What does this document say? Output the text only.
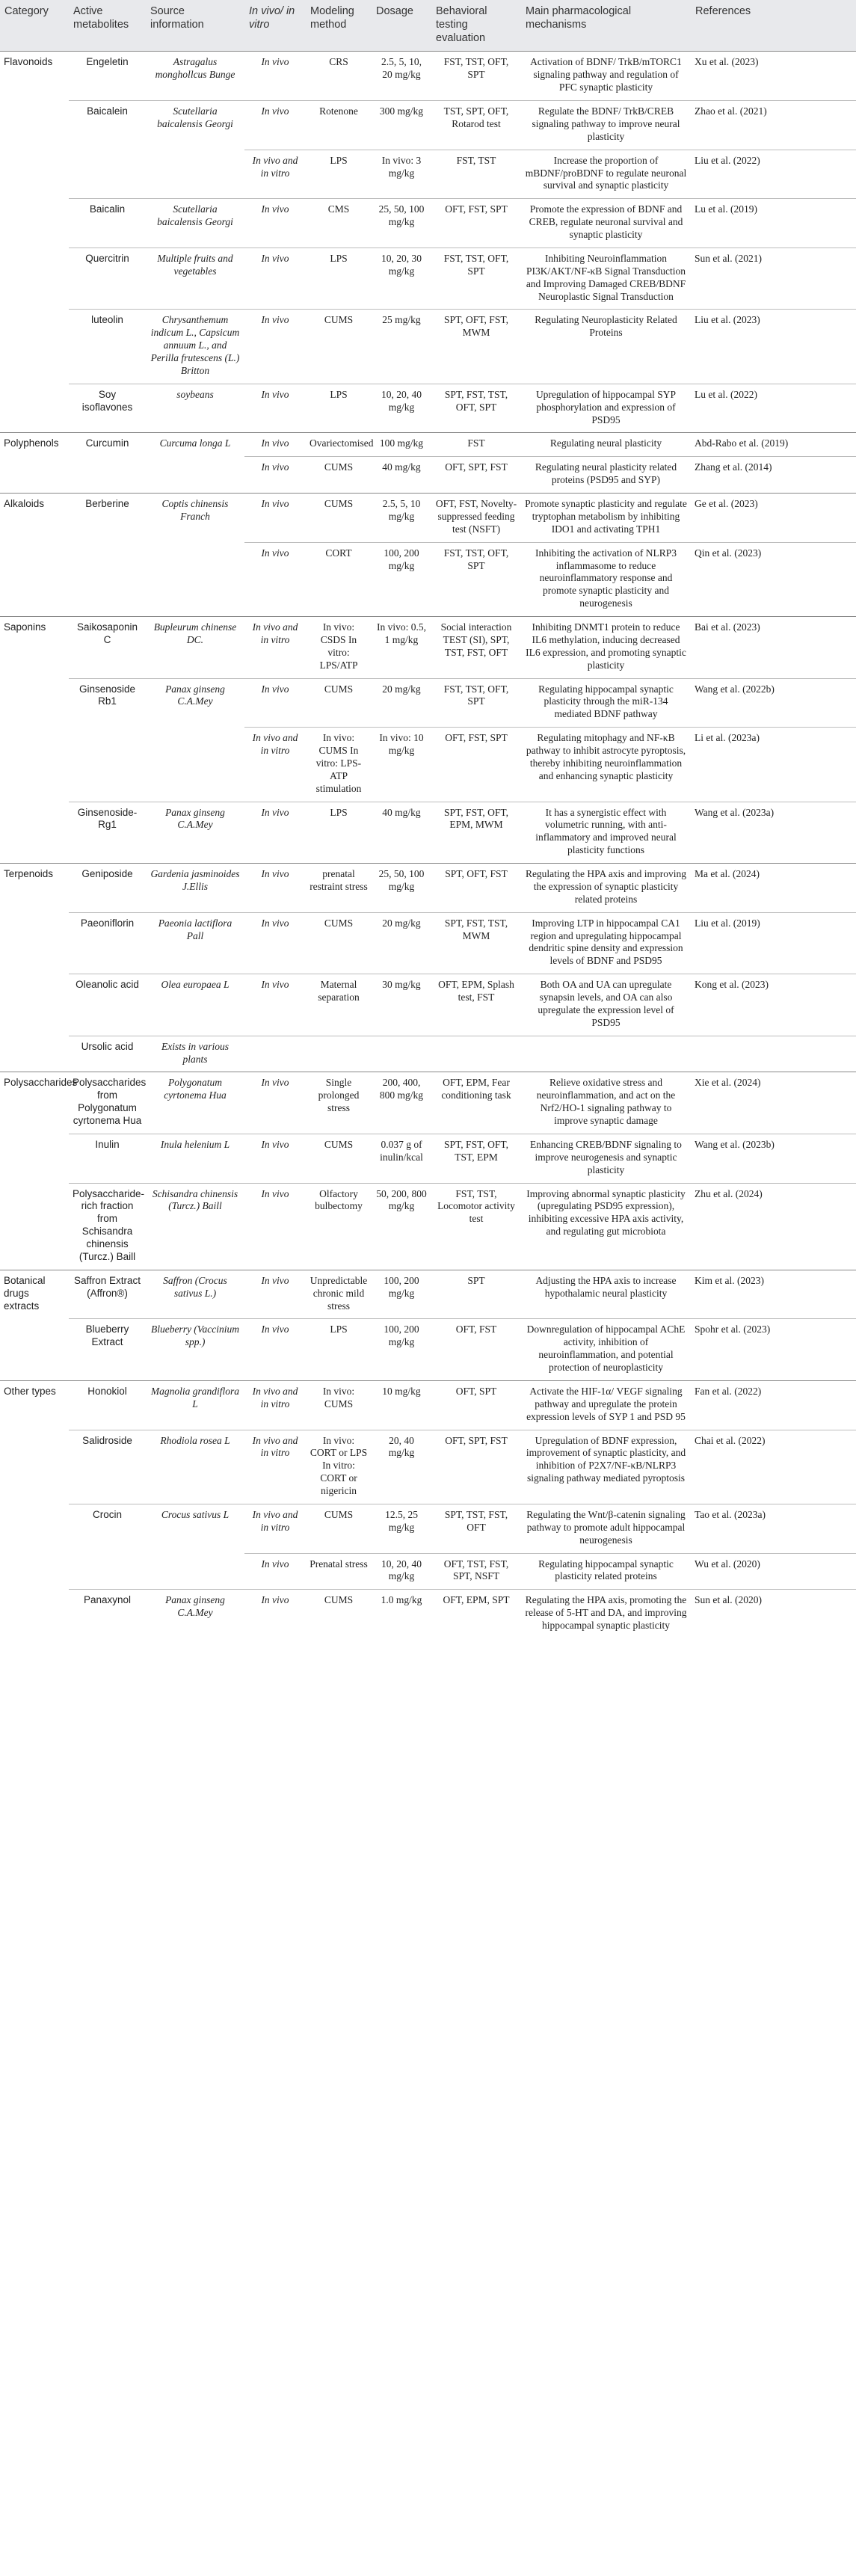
Category	Active metabolites	Source information	In vivo/ in vitro	Modeling method	Dosage	Behavioral testing evaluation	Main pharmacological mechanisms	References
Flavonoids	Engeletin	Astragalus monghollcus Bunge	In vivo	CRS	2.5, 5, 10, 20 mg/kg	FST, TST, OFT, SPT	Activation of BDNF/ TrkB/mTORC1 signaling pathway and regulation of PFC synaptic plasticity	Xu et al. (2023)
	Baicalein	Scutellaria baicalensis Georgi	In vivo	Rotenone	300 mg/kg	TST, SPT, OFT, Rotarod test	Regulate the BDNF/ TrkB/CREB signaling pathway to improve neural plasticity	Zhao et al. (2021)
			In vivo and in vitro	LPS	In vivo: 3 mg/kg	FST, TST	Increase the proportion of mBDNF/proBDNF to regulate neuronal survival and synaptic plasticity	Liu et al. (2022)
	Baicalin	Scutellaria baicalensis Georgi	In vivo	CMS	25, 50, 100 mg/kg	OFT, FST, SPT	Promote the expression of BDNF and CREB, regulate neuronal survival and synaptic plasticity	Lu et al. (2019)
	Quercitrin	Multiple fruits and vegetables	In vivo	LPS	10, 20, 30 mg/kg	FST, TST, OFT, SPT	Inhibiting Neuroinflammation PI3K/AKT/NF-κB Signal Transduction and Improving Damaged CREB/BDNF Neuroplastic Signal Transduction	Sun et al. (2021)
	luteolin	Chrysanthemum indicum L., Capsicum annuum L., and Perilla frutescens (L.) Britton	In vivo	CUMS	25 mg/kg	SPT, OFT, FST, MWM	Regulating Neuroplasticity Related Proteins	Liu et al. (2023)
	Soy isoflavones	soybeans	In vivo	LPS	10, 20, 40 mg/kg	SPT, FST, TST, OFT, SPT	Upregulation of hippocampal SYP phosphorylation and expression of PSD95	Lu et al. (2022)
Polyphenols	Curcumin	Curcuma longa L	In vivo	Ovariectomised	100 mg/kg	FST	Regulating neural plasticity	Abd-Rabo et al. (2019)
			In vivo	CUMS	40 mg/kg	OFT, SPT, FST	Regulating neural plasticity related proteins (PSD95 and SYP)	Zhang et al. (2014)
Alkaloids	Berberine	Coptis chinensis Franch	In vivo	CUMS	2.5, 5, 10 mg/kg	OFT, FST, Novelty-suppressed feeding test (NSFT)	Promote synaptic plasticity and regulate tryptophan metabolism by inhibiting IDO1 and activating TPH1	Ge et al. (2023)
			In vivo	CORT	100, 200 mg/kg	FST, TST, OFT, SPT	Inhibiting the activation of NLRP3 inflammasome to reduce neuroinflammatory response and promote synaptic plasticity and neurogenesis	Qin et al. (2023)
Saponins	Saikosaponin C	Bupleurum chinense DC.	In vivo and in vitro	In vivo: CSDS In vitro: LPS/ATP	In vivo: 0.5, 1 mg/kg	Social interaction TEST (SI), SPT, TST, FST, OFT	Inhibiting DNMT1 protein to reduce IL6 methylation, inducing decreased IL6 expression, and promoting synaptic plasticity	Bai et al. (2023)
	Ginsenoside Rb1	Panax ginseng C.A.Mey	In vivo	CUMS	20 mg/kg	FST, TST, OFT, SPT	Regulating hippocampal synaptic plasticity through the miR-134 mediated BDNF pathway	Wang et al. (2022b)
			In vivo and in vitro	In vivo: CUMS In vitro: LPS-ATP stimulation	In vivo: 10 mg/kg	OFT, FST, SPT	Regulating mitophagy and NF-κB pathway to inhibit astrocyte pyroptosis, thereby inhibiting neuroinflammation and enhancing synaptic plasticity	Li et al. (2023a)
	Ginsenoside-Rg1	Panax ginseng C.A.Mey	In vivo	LPS	40 mg/kg	SPT, FST, OFT, EPM, MWM	It has a synergistic effect with volumetric running, with anti-inflammatory and improved neural plasticity functions	Wang et al. (2023a)
Terpenoids	Geniposide	Gardenia jasminoides J.Ellis	In vivo	prenatal restraint stress	25, 50, 100 mg/kg	SPT, OFT, FST	Regulating the HPA axis and improving the expression of synaptic plasticity related proteins	Ma et al. (2024)
	Paeoniflorin	Paeonia lactiflora Pall	In vivo	CUMS	20 mg/kg	SPT, FST, TST, MWM	Improving LTP in hippocampal CA1 region and upregulating hippocampal dendritic spine density and expression levels of BDNF and PSD95	Liu et al. (2019)
	Oleanolic acid	Olea europaea L	In vivo	Maternal separation	30 mg/kg	OFT, EPM, Splash test, FST	Both OA and UA can upregulate synapsin levels, and OA can also upregulate the expression level of PSD95	Kong et al. (2023)
	Ursolic acid	Exists in various plants						
Polysaccharides	Polysaccharides from Polygonatum cyrtonema Hua	Polygonatum cyrtonema Hua	In vivo	Single prolonged stress	200, 400, 800 mg/kg	OFT, EPM, Fear conditioning task	Relieve oxidative stress and neuroinflammation, and act on the Nrf2/HO-1 signaling pathway to improve synaptic damage	Xie et al. (2024)
	Inulin	Inula helenium L	In vivo	CUMS	0.037 g of inulin/kcal	SPT, FST, OFT, TST, EPM	Enhancing CREB/BDNF signaling to improve neurogenesis and synaptic plasticity	Wang et al. (2023b)
	Polysaccharide-rich fraction from Schisandra chinensis (Turcz.) Baill	Schisandra chinensis (Turcz.) Baill	In vivo	Olfactory bulbectomy	50, 200, 800 mg/kg	FST, TST, Locomotor activity test	Improving abnormal synaptic plasticity (upregulating PSD95 expression), inhibiting excessive HPA axis activity, and regulating gut microbiota	Zhu et al. (2024)
Botanical drugs extracts	Saffron Extract (Affron®)	Saffron (Crocus sativus L.)	In vivo	Unpredictable chronic mild stress	100, 200 mg/kg	SPT	Adjusting the HPA axis to increase hypothalamic neural plasticity	Kim et al. (2023)
	Blueberry Extract	Blueberry (Vaccinium spp.)	In vivo	LPS	100, 200 mg/kg	OFT, FST	Downregulation of hippocampal AChE activity, inhibition of neuroinflammation, and potential protection of neuroplasticity	Spohr et al. (2023)
Other types	Honokiol	Magnolia grandiflora L	In vivo and in vitro	In vivo: CUMS	10 mg/kg	OFT, SPT	Activate the HIF-1α/ VEGF signaling pathway and upregulate the protein expression levels of SYP 1 and PSD 95	Fan et al. (2022)
	Salidroside	Rhodiola rosea L	In vivo and in vitro	In vivo: CORT or LPS In vitro: CORT or nigericin	20, 40 mg/kg	OFT, SPT, FST	Upregulation of BDNF expression, improvement of synaptic plasticity, and inhibition of P2X7/NF-κB/NLRP3 signaling pathway mediated pyroptosis	Chai et al. (2022)
	Crocin	Crocus sativus L	In vivo and in vitro	CUMS	12.5, 25 mg/kg	SPT, TST, FST, OFT	Regulating the Wnt/β-catenin signaling pathway to promote adult hippocampal neurogenesis	Tao et al. (2023a)
			In vivo	Prenatal stress	10, 20, 40 mg/kg	OFT, TST, FST, SPT, NSFT	Regulating hippocampal synaptic plasticity related proteins	Wu et al. (2020)
	Panaxynol	Panax ginseng C.A.Mey	In vivo	CUMS	1.0 mg/kg	OFT, EPM, SPT	Regulating the HPA axis, promoting the release of 5-HT and DA, and improving hippocampal synaptic plasticity	Sun et al. (2020)
